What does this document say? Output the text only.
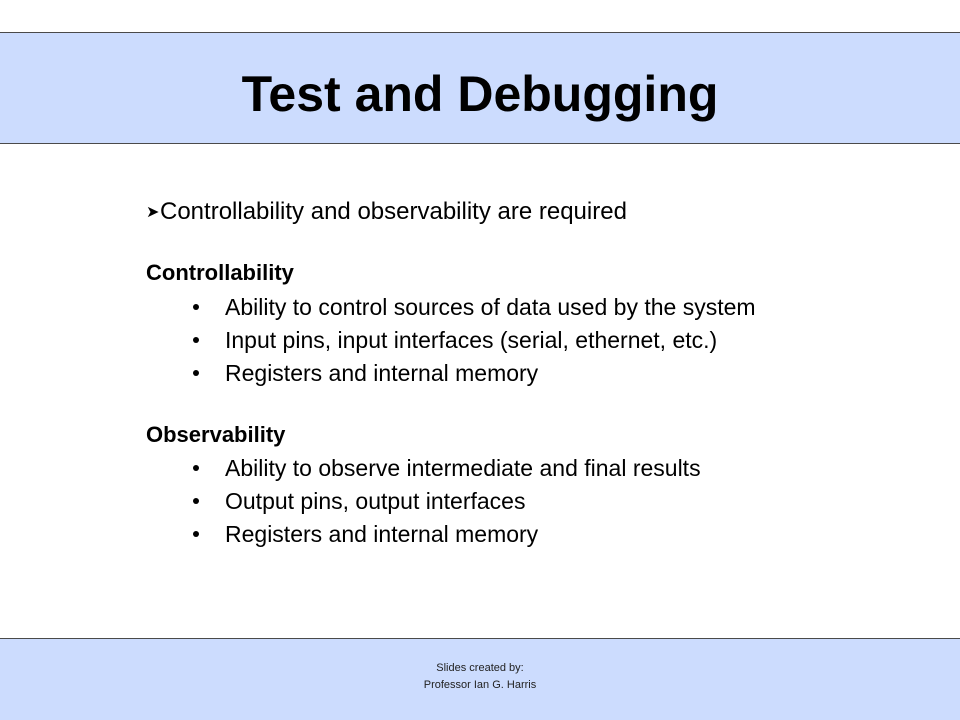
Test and Debugging
➤Controllability and observability are required
Controllability
Ability to control sources of data used by the system
Input pins, input interfaces (serial, ethernet, etc.)
Registers and internal memory
Observability
Ability to observe intermediate and final results
Output pins, output interfaces
Registers and internal memory
Slides created by:
Professor Ian G. Harris
